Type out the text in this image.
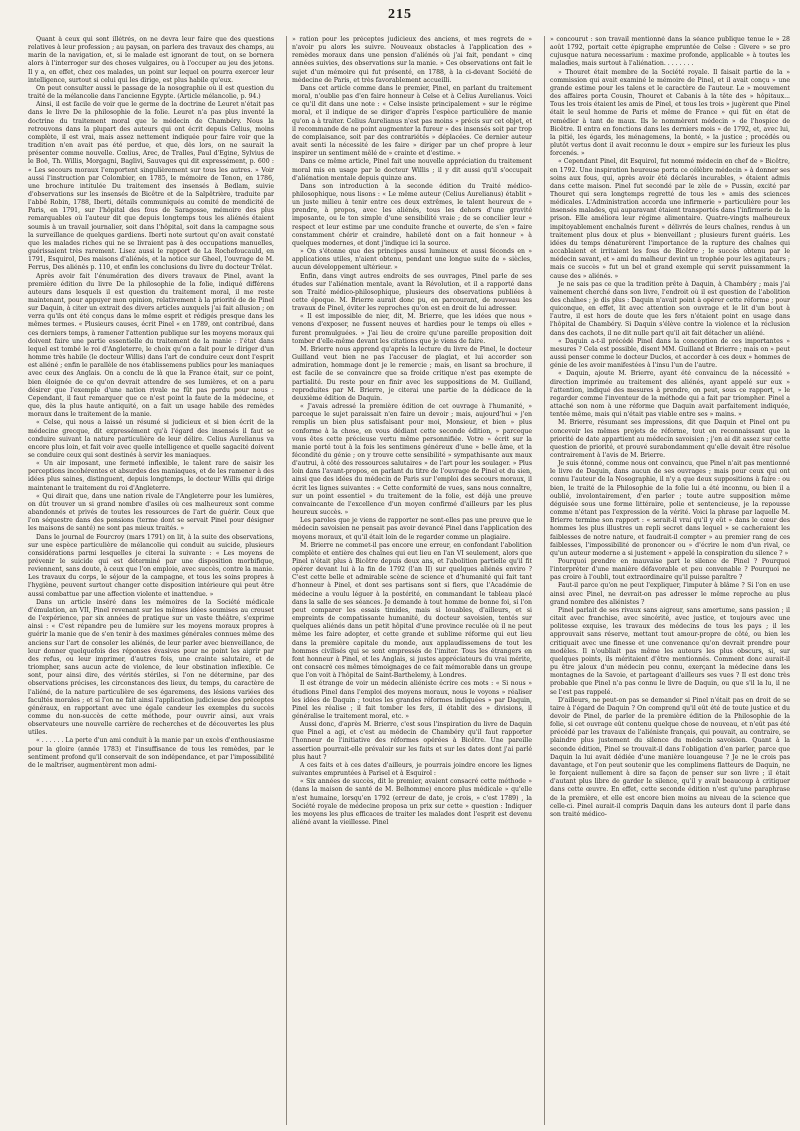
215

Quant à ceux qui sont illétrés, on ne devra leur faire que des questions relatives à leur profession ; au paysan, on parlera des travaux des champs, au marin de la navigation, et, si le malade est ignorant de tout, on se bornera alors à l'interroger sur des choses vulgaires, ou à l'occuper au jeu des jetons. Il y a, en effet, chez ces malades, un point sur lequel on pourra exercer leur intelligence, surtout si celui qui les dirige, est plus habile qu'eux.

On peut consulter aussi le passage de la nosographie où il est question du traité de la mélancolie dans l'ancienne Egypte. (Article mélancolie, p. 94.)

Ainsi, il est facile de voir que le germe de la doctrine de Leuret n'était pas dans le livre De la philosophie de la folie. Leuret n'a pas plus inventé la doctrine du traitement moral que le médecin de Chambéry. Nous la retrouvons dans la plupart des auteurs qui ont écrit depuis Celius, moins complète, il est vrai, mais assez nettement indiquée pour faire voir que la tradition n'en avait pas été perdue, et que, dès lors, on ne saurait la présenter comme nouvelle. Cœlius, Arec, de Tralles, Paul d'Egine, Sylvius de le Boë, Th. Willis, Morgagni, Baglivi, Sauvages qui dit expressément, p. 600 : « Les secours moraux l'emportent singulièrement sur tous les autres. » Voir aussi l'instruction par Colombier, en 1785, le mémoire de Tenon, en 1786, une brochure intitulée Du traitement des insensés à Bedlam, suivie d'observations sur les insensés de Bicêtre et de la Salpêtrière, traduite par l'abbé Robin, 1788, Iberti, détails communiqués au comité de mendicité de Paris, en 1791, sur l'hôpital des fous de Saragosse, mémoire des plus remarquables où l'auteur dit que depuis longtemps tous les aliénés étaient soumis à un travail journalier, soit dans l'hôpital, soit dans la campagne sous la surveillance de quelques gardiens. Iberti note surtout qu'on avait constaté que les malades riches qui ne se livraient pas à des occupations manuelles, guérissaient très rarement. Lisez aussi le rapport de La Rochefoucauld, en 1791, Esquirol, Des maisons d'aliénés, et la notice sur Gheel, l'ouvrage de M. Ferrus, Des aliénés p. 110, et enfin les conclusions du livre du docteur Trélat.

Après avoir fait l'énumération des divers travaux de Pinel, avant la première édition du livre De la philosophie de la folie, indiqué différens auteurs dans lesquels il est question du traitement moral, il me reste maintenant, pour appuyer mon opinion, relativement à la priorité de de Pinel sur Daquin, à citer un extrait des divers articles auxquels j'ai fait allusion ; on verra qu'ils ont été conçus dans le même esprit et rédigés presque dans les mêmes termes. « Plusieurs causes, écrit Pinel « en 1789, ont contribué, dans ces derniers temps, à ramener l'attention publique sur les moyens moraux qui doivent faire une partie essentielle du traitement de la manie : l'état dans lequel est tombé le roi d'Angleterre, le choix qu'on a fait pour le diriger d'un homme très habile (le docteur Willis) dans l'art de conduire ceux dont l'esprit est aliéné ; enfin le parallèle de nos établissemens publics pour les maniaques avec ceux des Anglais. On a conclu de là que la France était, sur ce point, bien éloignée de ce qu'on devrait attendre de ses lumières, et on a paru désirer que l'exemple d'une nation rivale ne fût pas perdu pour nous : Cependant, il faut remarquer que ce n'est point la faute de la médecine, et que, dès la plus haute antiquité, on a fait un usage habile des remèdes moraux dans le traitement de la manie.

« Celse, qui nous a laissé un résumé si judicieux et si bien écrit de la médecine grecque, dit expressément qu'à l'égard des insensés il faut se conduire suivant la nature particulière de leur délire. Celius Aurelianus va encore plus loin, et fait voir avec quelle intelligence et quelle sagacité doivent se conduire ceux qui sont destinés à servir les maniaques.

« Un air imposant, une fermeté inflexible, le talent rare de saisir les perceptions incohérentes et absurdes des maniaques, et de les ramener à des idées plus saines, distinguent, depuis longtemps, le docteur Willis qui dirige maintenant le traitement du roi d'Angleterre.

« Qui dirait que, dans une nation rivale de l'Angleterre pour les lumières, on dût trouver un si grand nombre d'asiles où ces malheureux sont comme abandonnés et privés de toutes les ressources de l'art de guérir. Ceux que l'on séquestre dans des pensions (terme dont se servait Pinel pour désigner les maisons de santé) ne sont pas mieux traités. »

Dans le journal de Fourcroy (mars 1791) on lit, à la suite des observations, sur une espèce particulière de mélancolie qui conduit au suicide, plusieurs considérations parmi lesquelles je citerai la suivante : « Les moyens de prévenir le suicide qui est déterminé par une disposition morbifique, reviennent, sans doute, à ceux que l'on emploie, avec succès, contre la manie. Les travaux du corps, le séjour de la campagne, et tous les soins propres à l'hygiène, peuvent surtout changer cette disposition intérieure qui peut être aussi combattue par une affection violente et inattendue. »

Dans un article inséré dans les mémoires de la Société médicale d'émulation, an VII, Pinel revenant sur les mêmes idées soumises au creuset de l'expérience, par six années de pratique sur un vaste théâtre, s'exprime ainsi : « C'est répandre peu de lumière sur les moyens moraux propres à guérir la manie que de s'en tenir à des maximes générales connues même des anciens sur l'art de consoler les aliénés, de leur parler avec bienveillance, de leur donner quelquefois des réponses évasives pour ne point les aigrir par des refus, ou leur imprimer, d'autres fois, une crainte salutaire, et de triompher, sans aucun acte de violence, de leur obstination inflexible. Ce sont, pour ainsi dire, des vérités stériles, si l'on ne détermine, par des observations précises, les circonstances des lieux, du temps, du caractère de l'aliéné, de la nature particulière de ses égaremens, des lésions variées des facultés morales ; et si l'on ne fait ainsi l'application judicieuse des préceptes généraux, en rapportant avec une égale candeur les exemples du succès comme du non-succès de cette méthode, pour ouvrir ainsi, aux vrais observateurs une nouvelle carrière de recherches et de découvertes les plus utiles.

« . . . . . . La perte d'un ami conduit à la manie par un excès d'enthousiasme pour la gloire (année 1783) et l'insuffisance de tous les remèdes, par le sentiment profond qu'il conservait de son indépendance, et par l'impossibilité de le maîtriser, augmentèrent mon admi-

» ration pour les préceptes judicieux des anciens, et mes regrets de » n'avoir pu alors les suivre. Nouveaux obstacles à l'application des » remèdes moraux dans une pension d'aliénés où j'ai fait, pendant » cinq années suivies, des observations sur la manie. » Ces observations ont fait le sujet d'un mémoire qui fut présenté, en 1788, à la ci-devant Société de médecine de Paris, et très favorablement accueilli.

Dans cet article comme dans le premier, Pinel, en parlant du traitement moral, n'oublie pas d'en faire honneur à Celse et à Celius Aurelianus. Voici ce qu'il dit dans une note : « Celse insiste principalement » sur le régime moral, et il indique de se diriger d'après l'espèce particulière de manie qu'on a à traiter. Celius Aurelianus n'est pas moins » précis sur cet objet, et il recommande de ne point augmenter la fureur » des insensés soit par trop de complaisance, soit par des contrariétés » déplacées. Ce dernier auteur avait senti la nécessité de les faire » diriger par un chef propre à leur inspirer un sentiment mêlé de » crainte et d'estime. »

Dans ce même article, Pinel fait une nouvelle appréciation du traitement moral mis en usage par le docteur Willis ; il y dit aussi qu'il s'occupait d'aliénation mentale depuis quinze ans.

Dans son introduction à la seconde édition du Traité médico-philosophique, nous lisons : « Le même auteur (Celius Aurelianus) établit » un juste milieu à tenir entre ces deux extrêmes, le talent heureux de » prendre, à propos, avec les aliénés, tous les dehors d'une gravité imposante, ou le ton simple d'une sensibilité vraie ; de se concilier leur » respect et leur estime par une conduite franche et ouverte, de s'en » faire constamment chérir et craindre, habileté dont on a fait honneur » à quelques modernes, et dont j'indique ici la source.

» On s'étonne que des principes aussi lumineux et aussi féconds en » applications utiles, n'aient obtenu, pendant une longue suite de » siècles, aucun développement ultérieur. »

Enfin, dans vingt autres endroits de ses ouvrages, Pinel parle de ses études sur l'aliénation mentale, avant la Révolution, et il a rapporté dans son Traité médico-philosophique, plusieurs des observations publiées à cette époque. M. Brierre aurait donc pu, en parcourant, de nouveau les travaux de Pinel, éviter les reproches qu'on est en droit de lui adresser.

« Il est impossible de nier, dit, M. Brierre, que les idées que nous » venons d'exposer, ne fussent neuves et hardies pour le temps où elles » furent promulguées. » J'ai lieu de croire qu'une pareille proposition doit tomber d'elle-même devant les citations que je viens de faire.

M. Brierre nous apprend qu'après la lecture du livre de Pinel, le docteur Guilland veut bien ne pas l'accuser de plagiat, et lui accorder son admiration, hommage dont je le remercie ; mais, en lisant sa brochure, il est facile de se convaincre que sa froide critique n'est pas exempte de partialité. Du reste pour en finir avec les suppositions de M. Guilland, reproduites par M. Brierre, je citerai une partie de la dédicace de la deuxième édition de Daquin.

« J'avais adressé la première édition de cet ouvrage à l'humanité, » parceque le sujet paraissait n'en faire un devoir ; mais, aujourd'hui » j'en remplis un bien plus satisfaisant pour moi, Monsieur, et bien » plus conforme à la chose, en vous dédiant cette seconde édition, » parceque vous êtes cette précieuse vertu même personnifiée. Votre » écrit sur la manie porté tout à la fois les sentimens généreux d'une » belle âme, et la fécondité du génie ; on y trouve cette sensibilité » sympathisante aux maux d'autrui, à côté des ressources salutaires » de l'art pour les soulager. » Plus loin dans l'avant-propos, en parlant du titre de l'ouvrage de Pinel et du sien, ainsi que des idées du médecin de Paris sur l'emploi des secours moraux, il écrit les lignes suivantes : « Cette conformité de vues, sans nous connaître, sur un point essentiel » du traitement de la folie, est déjà une preuve convaincante de l'excellence d'un moyen confirmé d'ailleurs par les plus heureux succès. »

Les paroles que je viens de rapporter ne sont-elles pas une preuve que le médecin savoisien ne pensait pas avoir devancé Pinel dans l'application des moyens moraux, et qu'il était loin de le regarder comme un plagiaire.

M. Brierre ne commet-il pas encore une erreur, en confondant l'abolition complète et entière des chaînes qui eut lieu en l'an VI seulement, alors que Pinel n'était plus à Bicêtre depuis deux ans, et l'abolition partielle qu'il fit opérer devant lui à la fin de 1792 (l'an II) sur quelques aliénés enviro ? C'est cette belle et admirable scène de science et d'humanité qui fait tant d'honneur à Pinel, et dont ses partisans sont si fiers, que l'Académie de médecine a voulu léguer à la postérité, en commandant le tableau placé dans la salle de ses séances. Je demande à tout homme de bonne foi, si l'on peut comparer les essais timides, mais si louables, d'ailleurs, et si empreints de compatissante humanité, du docteur savoisien, tentés sur quelques aliénés dans un petit hôpital d'une province reculée où il ne peut même les faire adopter, et cette grande et sublime réforme qui eut lieu dans la première capitale du monde, aux applaudissemens de tout les hommes civilisés qui se sont empressés de l'imiter. Tous les étrangers en font honneur à Pinel, et les Anglais, si justes appréciateurs du vrai mérite, ont consacré ces mêmes témoignages de ce fait mémorable dans un groupe que l'on voit à l'hôpital de Saint-Barthelemy, à Londres.

Il est étrange de voir un médecin aliéniste écrire ces mots : « Si nous » étudions Pinel dans l'emploi des moyens moraux, nous le voyons » réaliser les idées de Daquin ; toutes les grandes réformes indiquées » par Daquin, Pinel les réalise ; il fait tomber les fers, il établit des » divisions, il généralise le traitement moral, etc. »

Aussi donc, d'après M. Brierre, c'est sous l'inspiration du livre de Daquin que Pinel a agi, et c'est au médecin de Chambéry qu'il faut rapporter l'honneur de l'initiative des réformes opérées à Bicêtre. Une pareille assertion pourrait-elle prévaloir sur les faits et sur les dates dont j'ai parlé plus haut ?

A ces faits et à ces dates d'ailleurs, je pourrais joindre encore les lignes suivantes empruntées à Parisel et à Esquirol :

« Six années de succès, dit le premier, avaient consacré cette méthode » (dans la maison de santé de M. Belhomme) encore plus médicale » qu'elle n'est humaine, lorsqu'en 1792 (erreur de date, je crois, » c'est 1789) , la Société royale de médecine proposa un prix sur cette » question : Indiquer les moyens les plus efficaces de traiter les malades dont l'esprit est devenu aliéné avant la vieillesse. Pinel

» concourut : son travail mentionné dans la séance publique tenue le » 28 août 1792, portait cette épigraphe empruntée de Celse : Givere » se pro cujusque natura necessarium : maxime profonde, applicable » à toutes les maladies, mais surtout à l'aliénation. . . . . . . .

» Thouret était membre de la Société royale. Il faisait partie de la » commission qui avait examiné le mémoire de Pinel, et il avait conçu » une grande estime pour les talens et le caractère de l'auteur. Le » mouvement des affaires porta Cousin, Thouret et Cabanis à la tête des » hôpitaux... Tous les trois étaient les amis de Pinel, et tous les trois » jugèrent que Pinel était le seul homme de Paris et même de France » qui fût en état de remédier à tant de maux. Ils le nommèrent médecin » de l'hospice de Bicêtre. Il entra en fonctions dans les derniers mois » de 1792, et, avec lui, la pitié, les égards, les ménagemens, la bonté, » la justice ; procédés ou plutôt vertus dont il avait reconnu le doux » empire sur les furieux les plus forcenés. »

« Cependant Pinel, dit Esquirol, fut nommé médecin en chef de » Bicêtre, en 1792. Une inspiration heureuse porta ce célèbre médecin » à donner ses soins aux fous, qui, après avoir été déclarés incurables, » étaient admis dans cette maison. Pinel fut secondé par le zèle de » Pussin, excité par Thouret qui sera longtemps regretté de tous les » amis des sciences médicales. L'Administration accorda une infirmerie » particulière pour les insensés malades, qui auparavant étaient transportés dans l'infirmerie de la prison. Elle améliora leur régime alimentaire. Quatre-vingts malheureux impitoyablement enchaînés furent » délivrés de leurs chaînes, rendus à un traitement plus doux et plus » bienveillant ; plusieurs furent guéris. Les idées du temps dénaturèrent l'importance de la rupture des chaînes qui accablaient et irritaient les fous de Bicêtre ; le succès obtenu par le médecin savant, et » ami du malheur devint un trophée pour les agitateurs ; mais ce succès » fut un bel et grand exemple qui servit puissamment la cause des » aliénés. »

Je ne sais pas ce que la tradition prête à Daquin, à Chambéry ; mais j'ai vainement cherché dans son livre, l'endroit où il est question de l'abolition des chaînes ; je dis plus : Daquin n'avait point à opérer cette réforme ; pour quiconque, en effet, lit avec attention son ouvrage et le lit d'un bout à l'autre, il est hors de doute que les fers n'étaient point en usage dans l'hôpital de Chambéry. Si Daquin s'élève contre la violence et la réclusion dans des cachots, il ne dit nulle part qu'il ait fait détacher un aliéné.

« Daquin a-t-il précédé Pinel dans la conception de ces importantes » mesures ? Cela est possible, disent MM. Guilland et Brierre ; mais on » peut aussi penser comme le docteur Duclos, et accorder à ces deux » hommes de génie de les avoir manifestées à l'insu l'un de l'autre.

« Daquin, ajoute M. Brierre, ayant été convaincu de la nécessité » direction imprimée au traitement des aliénés, ayant appelé sur eux » l'attention, indiqué des mesures à prendre, on peut, sous ce rapport, » le regarder comme l'inventeur de la méthode qui a fait par triompher. Pinel a attaché son nom à une réforme que Daquin avait parfaitement indiquée, tentée même, mais qui n'était pas viable entre ses » mains. »

M. Brierre, résumant ses impressions, dit que Daquin et Pinel ont pu concevoir les mêmes projets de réforme, tout en reconnaissant que la priorité de date appartient au médecin savoisien ; j'en ai dit assez sur cette question de priorité, et prouvé surabondamment qu'elle devait être résolue contrairement à l'avis de M. Brierre.

Je suis étonné, comme nous ont convaincu, que Pinel n'ait pas mentionné le livre de Daquin, dans aucun de ses ouvrages ; mais pour ceux qui ont connu l'auteur de la Nosographie, il n'y a que deux suppositions à faire : ou bien, le traité de la Philosophie de la folie lui a été inconnu, ou bien il a oublié, involontairement, d'en parler ; toute autre supposition même déguisée sous une forme littéraire, polie et sentencieuse, je la repousse comme n'étant pas l'expression de la vérité. Voici la phrase par laquelle M. Brierre termine son rapport : « serait-il vrai qu'il y eût » dans le cœur des hommes les plus illustres un repli secret dans lequel » se cacheraient les faiblesses de notre nature, et faudrait-il compter » au premier rang de ces faiblesses, l'impossibilité de prononcer ou » d'écrire le nom d'un rival, ce qu'un auteur moderne a si justement » appelé la conspiration du silence ? »

Pourquoi prendre en mauvaise part le silence de Pinel ? Pourquoi l'interpréter d'une manière défavorable et peu convenable ? Pourquoi ne pas croire à l'oubli, tout extraordinaire qu'il puisse paraître ?

Faut-il parce qu'on ne peut l'expliquer, l'imputer à blâme ? Si l'on en use ainsi avec Pinel, ne devrait-on pas adresser le même reproche au plus grand nombre des aliénistes ?

Pinel parlait de ses rivaux sans aigreur, sans amertume, sans passion ; il citait avec franchise, avec sincérité, avec justice, et toujours avec une politesse exquise, les travaux des médecins de tous les pays ; il les approuvait sans réserve, mettant tout amour-propre de côté, ou bien les critiquait avec une finesse et une convenance qu'on devrait prendre pour modèles. Il n'oubliait pas même les auteurs les plus obscurs, si, sur quelques points, ils méritaient d'être mentionnés. Comment donc aurait-il pu être jaloux d'un médecin peu connu, exerçant la médecine dans les montagnes de la Savoie, et partageant d'ailleurs ses vues ? Il est donc très probable que Pinel n'a pas connu le livre de Daquin, ou que s'il la lu, il ne se l'est pas rappelé.

D'ailleurs, ne peut-on pas se demander si Pinel n'était pas en droit de se taire à l'égard de Daquin ? On comprend qu'il eût été de toute justice et du devoir de Pinel, de parler de la première édition de la Philosophie de la folie, si cet ouvrage eût contenu quelque chose de nouveau, et n'eût pas été précédé par les travaux de l'aliéniste français, qui pouvait, au contraire, se plaindre plus justement du silence du médecin savoisien. Quant à la seconde édition, Pinel se trouvait-il dans l'obligation d'en parler, parce que Daquin la lui avait dédiée d'une manière louangeuse ? Je ne le crois pas davantage, et l'on peut soutenir que les complimens flatteurs de Daquin, ne le forçaient nullement à dire sa façon de penser sur son livre ; il était d'autant plus libre de garder le silence, qu'il y avait beaucoup à critiquer dans cette œuvre. En effet, cette seconde édition n'est qu'une paraphrase de la première, et elle est encore bien moins au niveau de la science que celle-ci. Pinel aurait-il compris Daquin dans les auteurs dont il parle dans son traité médico-
